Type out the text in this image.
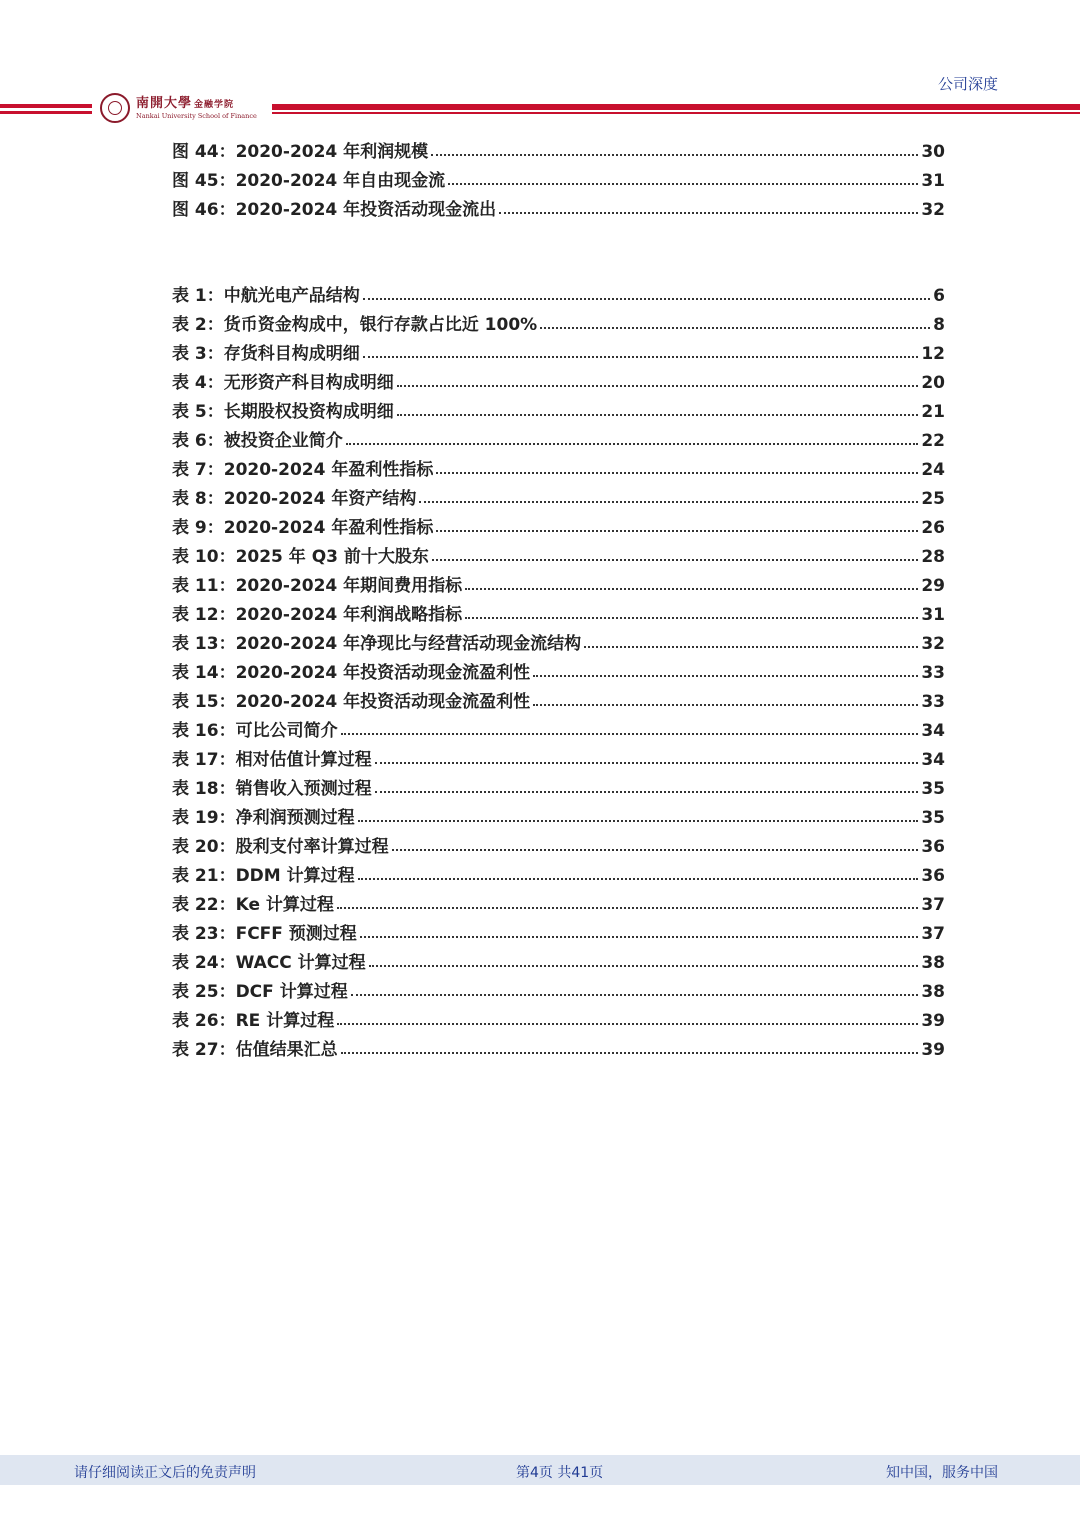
公司深度
南開大學 金融学院
Nankai University School of Finance
图 44：2020-2024 年利润规模	30
图 45：2020-2024 年自由现金流	31
图 46：2020-2024 年投资活动现金流出	32
表 1：中航光电产品结构	6
表 2：货币资金构成中，银行存款占比近 100%	8
表 3：存货科目构成明细	12
表 4：无形资产科目构成明细	20
表 5：长期股权投资构成明细	21
表 6：被投资企业简介	22
表 7：2020-2024 年盈利性指标	24
表 8：2020-2024 年资产结构	25
表 9：2020-2024 年盈利性指标	26
表 10：2025 年 Q3 前十大股东	28
表 11：2020-2024 年期间费用指标	29
表 12：2020-2024 年利润战略指标	31
表 13：2020-2024 年净现比与经营活动现金流结构	32
表 14：2020-2024 年投资活动现金流盈利性	33
表 15：2020-2024 年投资活动现金流盈利性	33
表 16：可比公司简介	34
表 17：相对估值计算过程	34
表 18：销售收入预测过程	35
表 19：净利润预测过程	35
表 20：股利支付率计算过程	36
表 21：DDM 计算过程	36
表 22：Ke 计算过程	37
表 23：FCFF 预测过程	37
表 24：WACC 计算过程	38
表 25：DCF 计算过程	38
表 26：RE 计算过程	39
表 27：估值结果汇总	39
请仔细阅读正文后的免责声明	第4页 共41页	知中国，服务中国
